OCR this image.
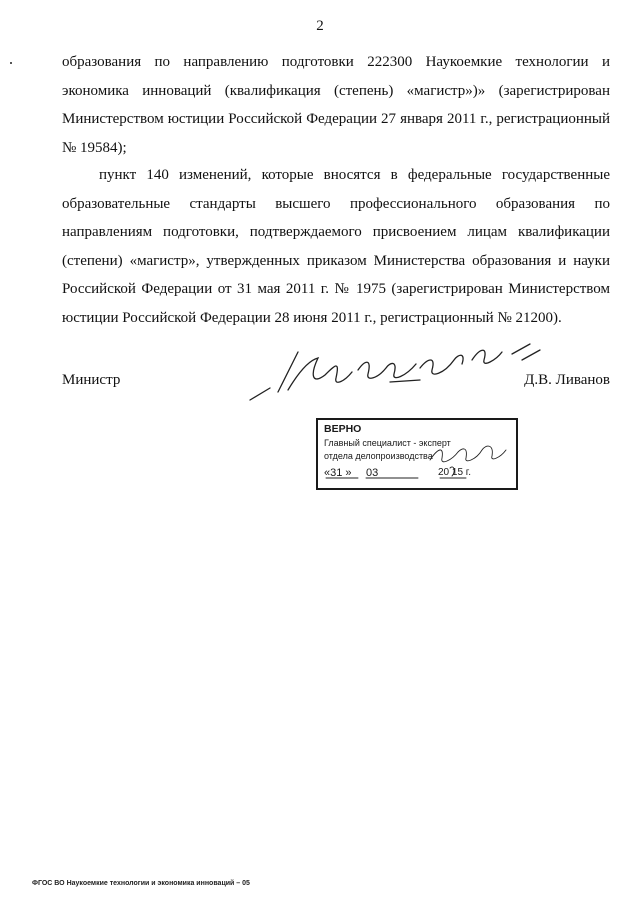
2
образования по направлению подготовки 222300 Наукоемкие технологии и экономика инноваций (квалификация (степень) «магистр»)» (зарегистрирован Министерством юстиции Российской Федерации 27 января 2011 г., регистрационный № 19584);
пункт 140 изменений, которые вносятся в федеральные государственные образовательные стандарты высшего профессионального образования по направлениям подготовки, подтверждаемого присвоением лицам квалификации (степени) «магистр», утвержденных приказом Министерства образования и науки Российской Федерации от 31 мая 2011 г. № 1975 (зарегистрирован Министерством юстиции Российской Федерации 28 июня 2011 г., регистрационный № 21200).
Министр	Д.В. Ливанов
ВЕРНО
Главный специалист - эксперт
отдела делопроизводства
«31 » 03	20 15 г.
ФГОС ВО Наукоемкие технологии и экономика инноваций – 05
